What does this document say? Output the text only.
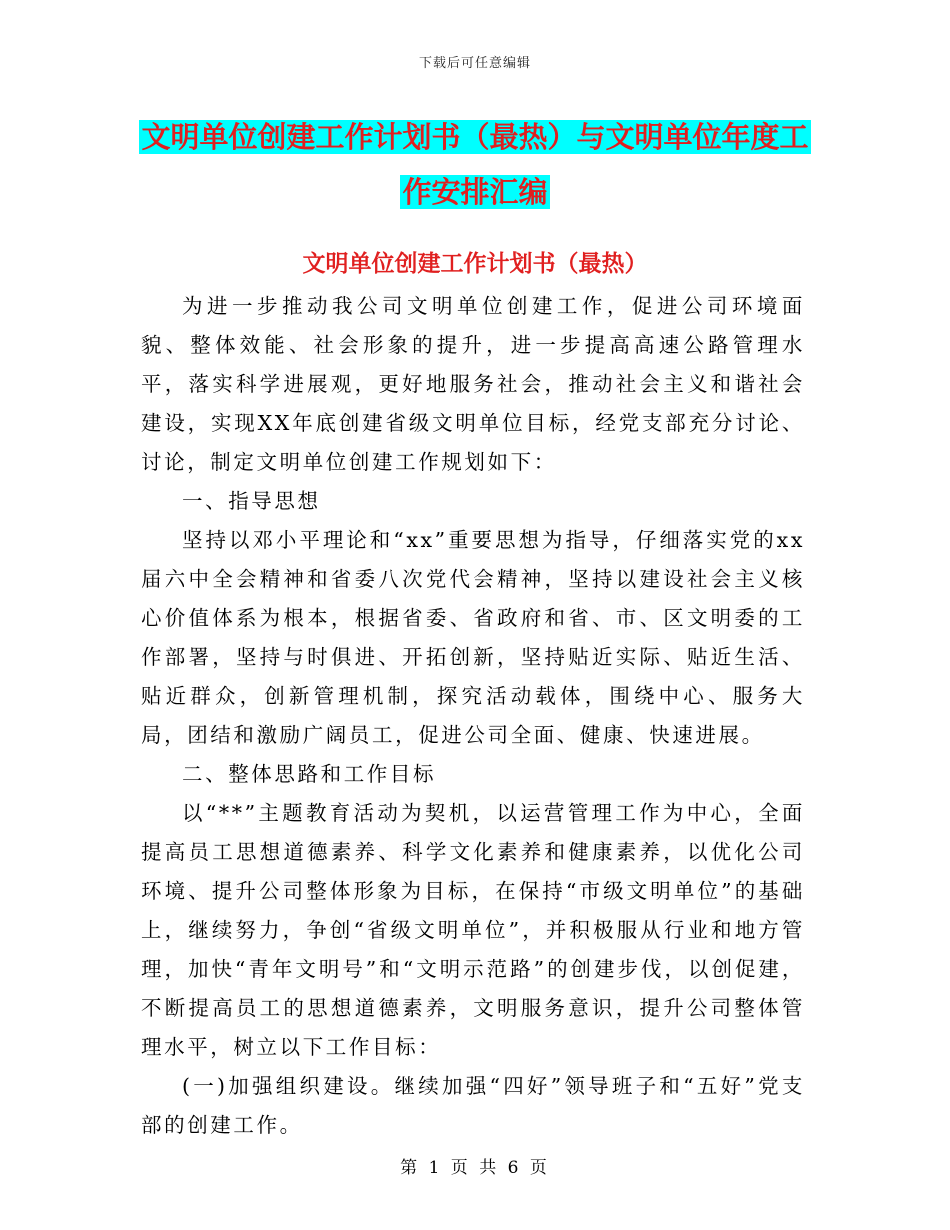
下载后可任意编辑
文明单位创建工作计划书（最热）与文明单位年度工
作安排汇编
文明单位创建工作计划书（最热）

为进一步推动我公司文明单位创建工作，促进公司环境面貌、整体效能、社会形象的提升，进一步提高高速公路管理水平，落实科学进展观，更好地服务社会，推动社会主义和谐社会建设，实现XX年底创建省级文明单位目标，经党支部充分讨论、讨论，制定文明单位创建工作规划如下：

一、指导思想

坚持以邓小平理论和“xx”重要思想为指导，仔细落实党的xx届六中全会精神和省委八次党代会精神，坚持以建设社会主义核心价值体系为根本，根据省委、省政府和省、市、区文明委的工作部署，坚持与时俱进、开拓创新，坚持贴近实际、贴近生活、贴近群众，创新管理机制，探究活动载体，围绕中心、服务大局，团结和激励广阔员工，促进公司全面、健康、快速进展。

二、整体思路和工作目标

以“**”主题教育活动为契机，以运营管理工作为中心，全面提高员工思想道德素养、科学文化素养和健康素养，以优化公司环境、提升公司整体形象为目标，在保持“市级文明单位”的基础上，继续努力，争创“省级文明单位”，并积极服从行业和地方管理，加快“青年文明号”和“文明示范路”的创建步伐，以创促建，不断提高员工的思想道德素养，文明服务意识，提升公司整体管理水平，树立以下工作目标：

(一)加强组织建设。继续加强“四好”领导班子和“五好”党支部的创建工作。

第 1 页 共 6 页
